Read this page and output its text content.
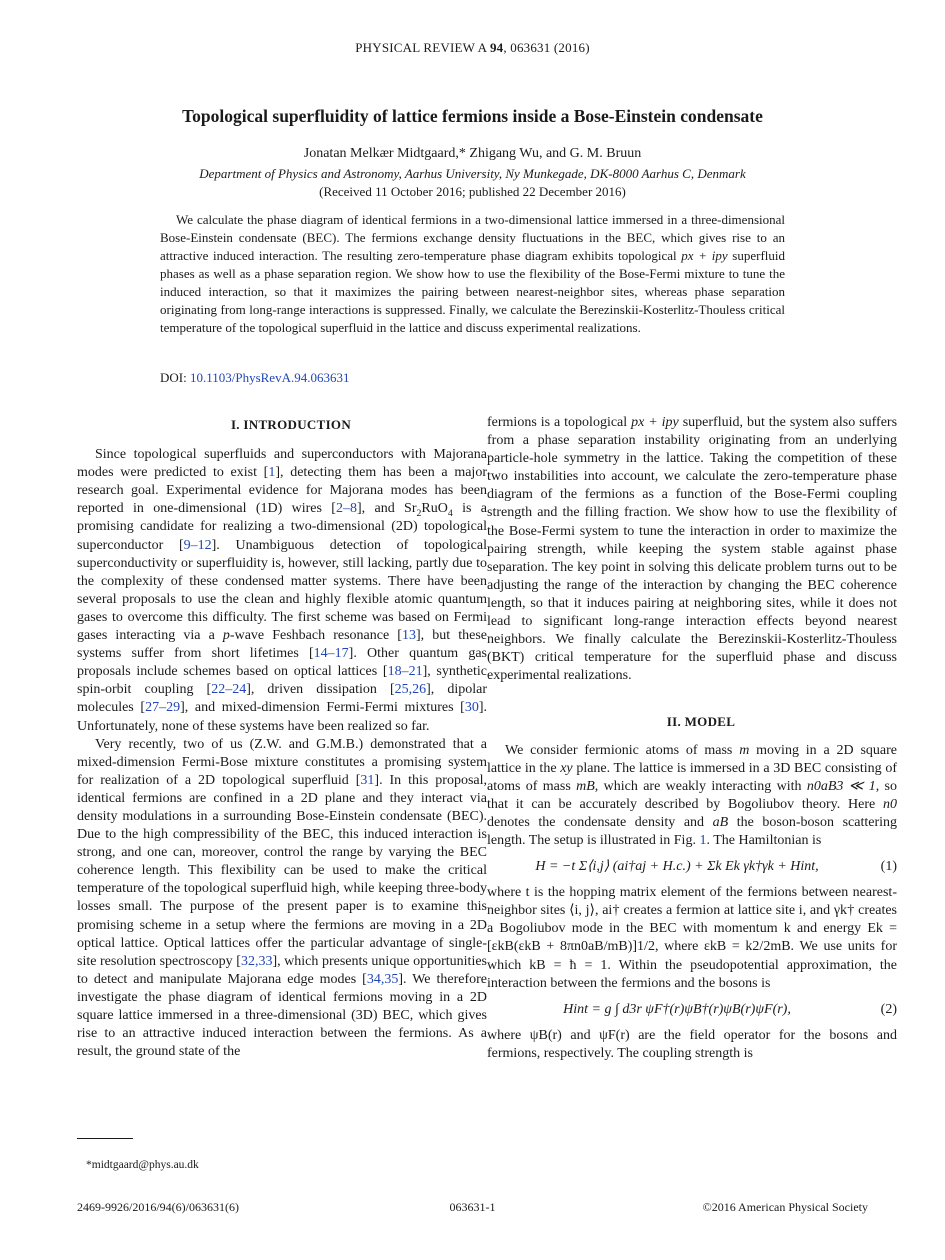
PHYSICAL REVIEW A 94, 063631 (2016)
Topological superfluidity of lattice fermions inside a Bose-Einstein condensate
Jonatan Melkær Midtgaard,* Zhigang Wu, and G. M. Bruun
Department of Physics and Astronomy, Aarhus University, Ny Munkegade, DK-8000 Aarhus C, Denmark
(Received 11 October 2016; published 22 December 2016)

We calculate the phase diagram of identical fermions in a two-dimensional lattice immersed in a three-dimensional Bose-Einstein condensate (BEC). The fermions exchange density fluctuations in the BEC, which gives rise to an attractive induced interaction. The resulting zero-temperature phase diagram exhibits topological px + ipy superfluid phases as well as a phase separation region. We show how to use the flexibility of the Bose-Fermi mixture to tune the induced interaction, so that it maximizes the pairing between nearest-neighbor sites, whereas phase separation originating from long-range interactions is suppressed. Finally, we calculate the Berezinskii-Kosterlitz-Thouless critical temperature of the topological superfluid in the lattice and discuss experimental realizations.

DOI: 10.1103/PhysRevA.94.063631

I. INTRODUCTION

Since topological superfluids and superconductors with Majorana modes were predicted to exist [1], detecting them has been a major research goal. Experimental evidence for Majorana modes has been reported in one-dimensional (1D) wires [2–8], and $Sr_2RuO_4$ is a promising candidate for realizing a two-dimensional (2D) topological superconductor [9–12]. Unambiguous detection of topological superconductivity or superfluidity is, however, still lacking, partly due to the complexity of these condensed matter systems. There have been several proposals to use the clean and highly flexible atomic quantum gases to overcome this difficulty. The first scheme was based on Fermi gases interacting via a p-wave Feshbach resonance [13], but these systems suffer from short lifetimes [14–17]. Other quantum gas proposals include schemes based on optical lattices [18–21], synthetic spin-orbit coupling [22–24], driven dissipation [25,26], dipolar molecules [27–29], and mixed-dimension Fermi-Fermi mixtures [30]. Unfortunately, none of these systems have been realized so far.

Very recently, two of us (Z.W. and G.M.B.) demonstrated that a mixed-dimension Fermi-Bose mixture constitutes a promising system for realization of a 2D topological superfluid [31]. In this proposal, identical fermions are confined in a 2D plane and they interact via density modulations in a surrounding Bose-Einstein condensate (BEC). Due to the high compressibility of the BEC, this induced interaction is strong, and one can, moreover, control the range by varying the BEC coherence length. This flexibility can be used to make the critical temperature of the topological superfluid high, while keeping three-body losses small. The purpose of the present paper is to examine this promising scheme in a setup where the fermions are moving in a 2D optical lattice. Optical lattices offer the particular advantage of single-site resolution spectroscopy [32,33], which presents unique opportunities to detect and manipulate Majorana edge modes [34,35]. We therefore investigate the phase diagram of identical fermions moving in a 2D square lattice immersed in a three-dimensional (3D) BEC, which gives rise to an attractive induced interaction between the fermions. As a result, the ground state of the

fermions is a topological px + ipy superfluid, but the system also suffers from a phase separation instability originating from an underlying particle-hole symmetry in the lattice. Taking the competition of these two instabilities into account, we calculate the zero-temperature phase diagram of the fermions as a function of the Bose-Fermi coupling strength and the filling fraction. We show how to use the flexibility of the Bose-Fermi system to tune the interaction in order to maximize the pairing strength, while keeping the system stable against phase separation. The key point in solving this delicate problem turns out to be adjusting the range of the interaction by changing the BEC coherence length, so that it induces pairing at neighboring sites, while it does not lead to significant long-range interaction effects beyond nearest neighbors. We finally calculate the Berezinskii-Kosterlitz-Thouless (BKT) critical temperature for the superfluid phase and discuss experimental realizations.

II. MODEL

We consider fermionic atoms of mass m moving in a 2D square lattice in the xy plane. The lattice is immersed in a 3D BEC consisting of atoms of mass mB, which are weakly interacting with n0aB3 ≪ 1, so that it can be accurately described by Bogoliubov theory. Here n0 denotes the condensate density and aB the boson-boson scattering length. The setup is illustrated in Fig. 1. The Hamiltonian is

H = −t Σ⟨i,j⟩ (ai†aj + H.c.) + Σk Ek γk†γk + Hint,	(1)

where t is the hopping matrix element of the fermions between nearest-neighbor sites ⟨i, j⟩, ai† creates a fermion at lattice site i, and γk† creates a Bogoliubov mode in the BEC with momentum k and energy Ek = [εkB(εkB + 8πn0aB/mB)]1/2, where εkB = k2/2mB. We use units for which kB = ħ = 1. Within the pseudopotential approximation, the interaction between the fermions and the bosons is

Hint = g ∫ d3r ψF†(r)ψB†(r)ψB(r)ψF(r),	(2)

where ψB(r) and ψF(r) are the field operator for the bosons and fermions, respectively. The coupling strength is

*midtgaard@phys.au.dk
2469-9926/2016/94(6)/063631(6)	063631-1	©2016 American Physical Society
